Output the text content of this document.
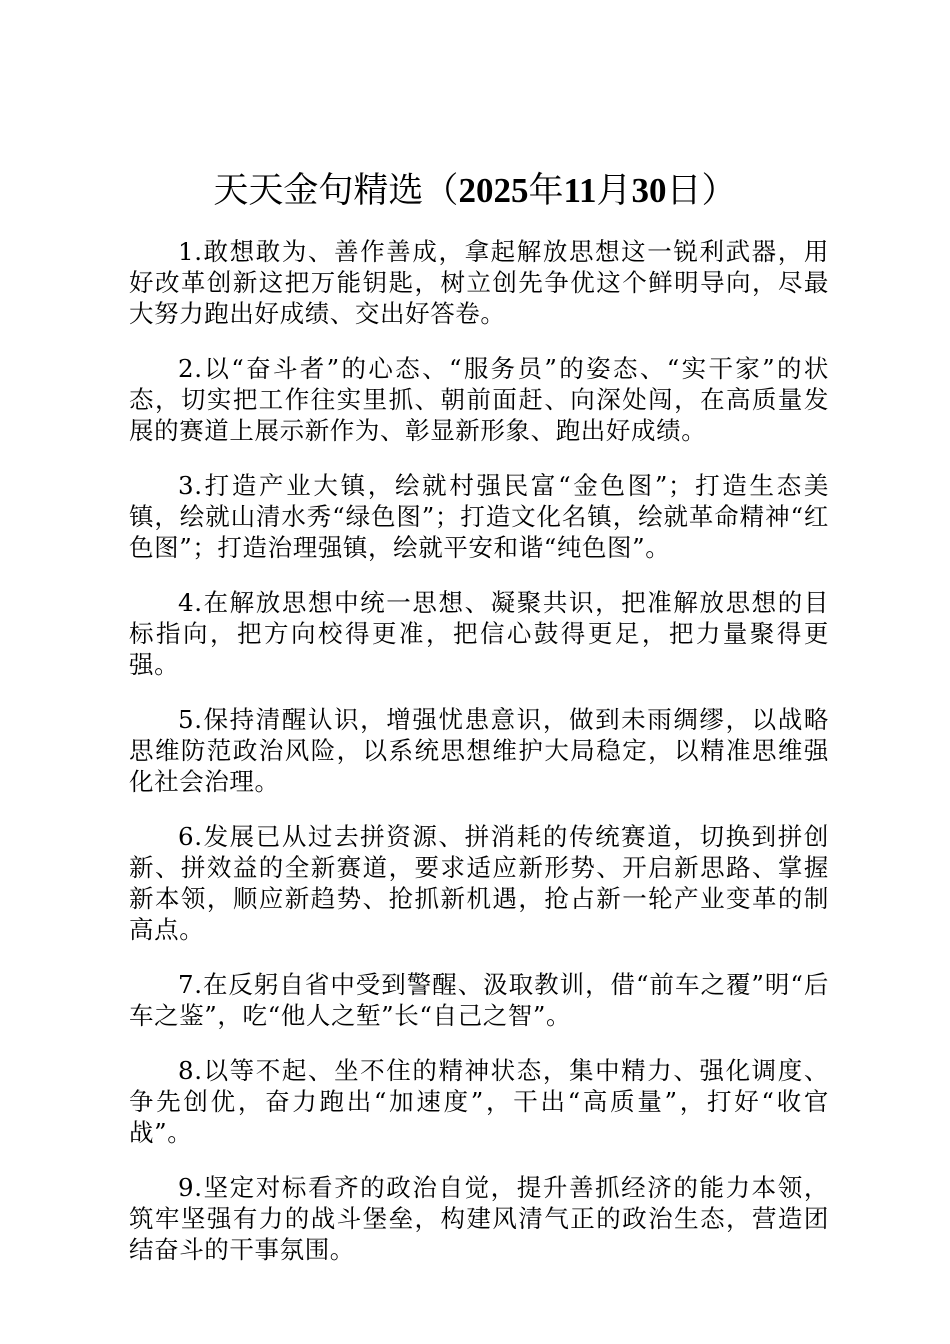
天天金句精选（2025年11月30日）

1.敢想敢为、善作善成，拿起解放思想这一锐利武器，用好改革创新这把万能钥匙，树立创先争优这个鲜明导向，尽最大努力跑出好成绩、交出好答卷。

2.以“奋斗者”的心态、“服务员”的姿态、“实干家”的状态，切实把工作往实里抓、朝前面赶、向深处闯，在高质量发展的赛道上展示新作为、彰显新形象、跑出好成绩。

3.打造产业大镇，绘就村强民富“金色图”；打造生态美镇，绘就山清水秀“绿色图”；打造文化名镇，绘就革命精神“红色图”；打造治理强镇，绘就平安和谐“纯色图”。

4.在解放思想中统一思想、凝聚共识，把准解放思想的目标指向，把方向校得更准，把信心鼓得更足，把力量聚得更强。

5.保持清醒认识，增强忧患意识，做到未雨绸缪，以战略思维防范政治风险，以系统思想维护大局稳定，以精准思维强化社会治理。

6.发展已从过去拼资源、拼消耗的传统赛道，切换到拼创新、拼效益的全新赛道，要求适应新形势、开启新思路、掌握新本领，顺应新趋势、抢抓新机遇，抢占新一轮产业变革的制高点。

7.在反躬自省中受到警醒、汲取教训，借“前车之覆”明“后车之鉴”，吃“他人之堑”长“自己之智”。

8.以等不起、坐不住的精神状态，集中精力、强化调度、争先创优，奋力跑出“加速度”，干出“高质量”，打好“收官战”。

9.坚定对标看齐的政治自觉，提升善抓经济的能力本领，筑牢坚强有力的战斗堡垒，构建风清气正的政治生态，营造团结奋斗的干事氛围。
